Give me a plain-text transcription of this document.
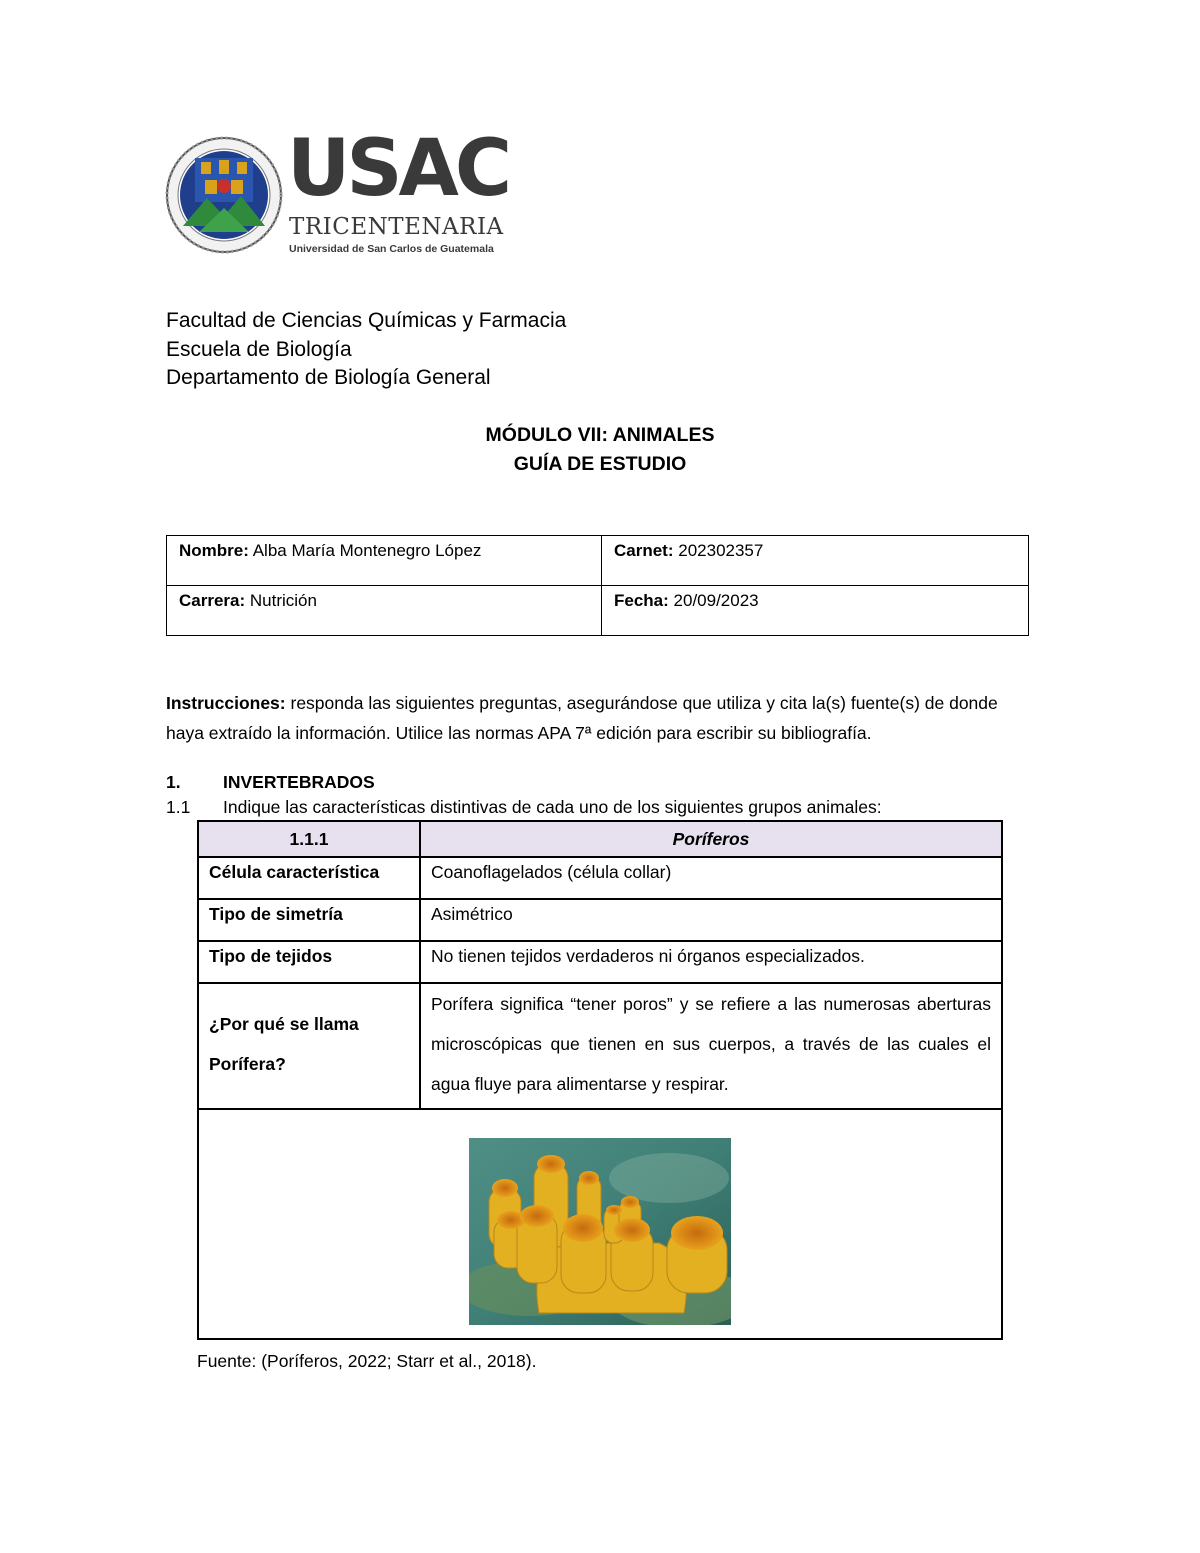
USAC
TRICENTENARIA
Universidad de San Carlos de Guatemala
Facultad de Ciencias Químicas y Farmacia
Escuela de Biología
Departamento de Biología General
MÓDULO VII: ANIMALES
GUÍA DE ESTUDIO
Nombre: Alba María Montenegro López	Carnet: 202302357
Carrera: Nutrición	Fecha: 20/09/2023
Instrucciones: responda las siguientes preguntas, asegurándose que utiliza y cita la(s) fuente(s) de donde haya extraído la información. Utilice las normas APA 7ª edición para escribir su bibliografía.
1. INVERTEBRADOS
1.1 Indique las características distintivas de cada uno de los siguientes grupos animales:
1.1.1	Poríferos
Célula característica	Coanoflagelados (célula collar)
Tipo de simetría	Asimétrico
Tipo de tejidos	No tienen tejidos verdaderos ni órganos especializados.
¿Por qué se llama Porífera?	Porífera significa “tener poros” y se refiere a las numerosas aberturas microscópicas que tienen en sus cuerpos, a través de las cuales el agua fluye para alimentarse y respirar.

Fuente: (Poríferos, 2022; Starr et al., 2018).
